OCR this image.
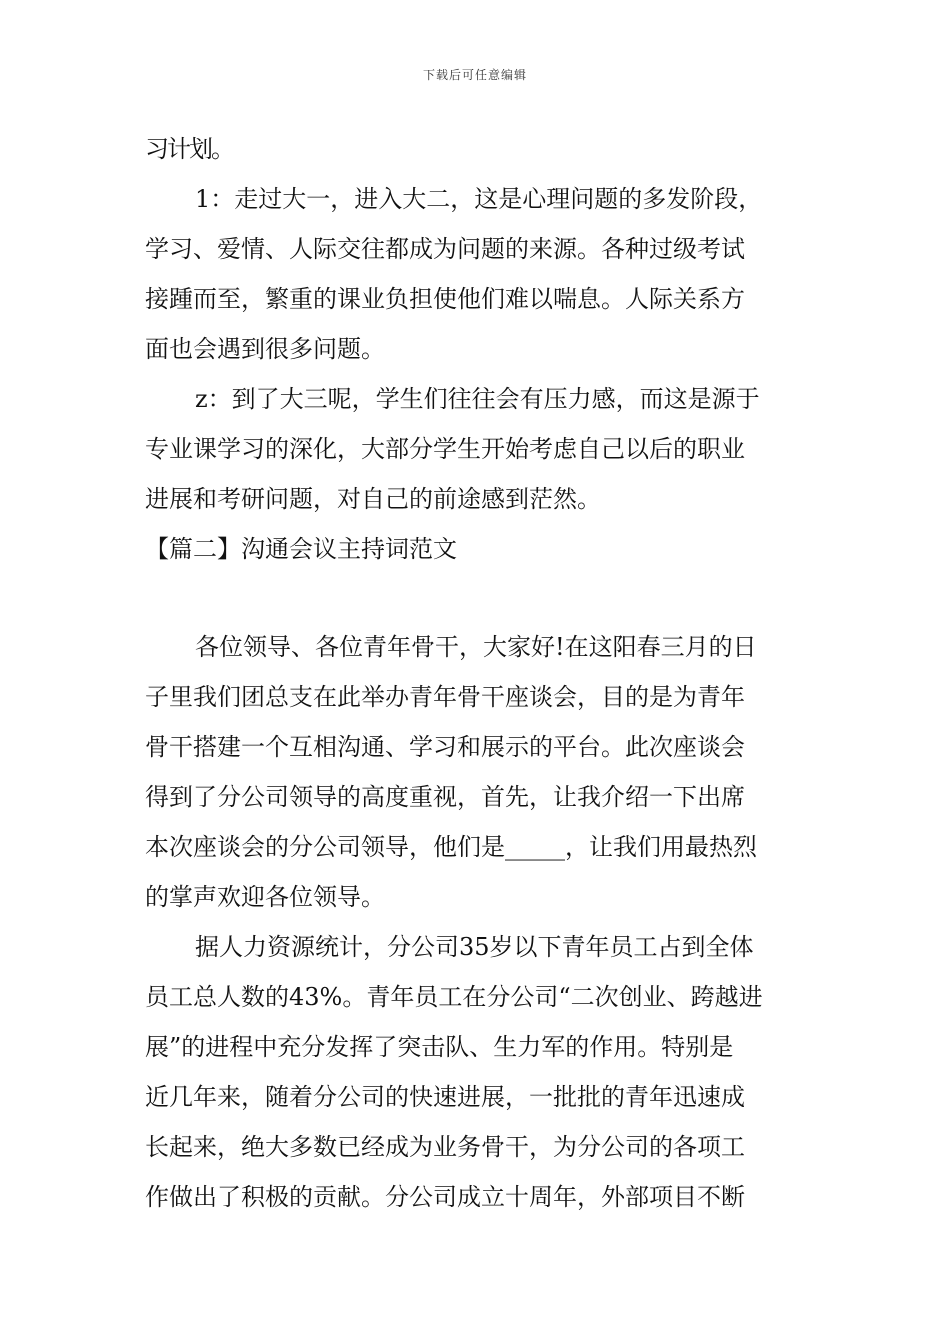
下载后可任意编辑
习计划。
1：走过大一，进入大二，这是心理问题的多发阶段，
学习、爱情、人际交往都成为问题的来源。各种过级考试
接踵而至，繁重的课业负担使他们难以喘息。人际关系方
面也会遇到很多问题。
z：到了大三呢，学生们往往会有压力感，而这是源于
专业课学习的深化，大部分学生开始考虑自己以后的职业
进展和考研问题，对自己的前途感到茫然。
【篇二】沟通会议主持词范文
各位领导、各位青年骨干，大家好!在这阳春三月的日
子里我们团总支在此举办青年骨干座谈会，目的是为青年
骨干搭建一个互相沟通、学习和展示的平台。此次座谈会
得到了分公司领导的高度重视，首先，让我介绍一下出席
本次座谈会的分公司领导，他们是_____，让我们用最热烈
的掌声欢迎各位领导。
据人力资源统计，分公司35岁以下青年员工占到全体
员工总人数的43%。青年员工在分公司“二次创业、跨越进
展”的进程中充分发挥了突击队、生力军的作用。特别是
近几年来，随着分公司的快速进展，一批批的青年迅速成
长起来，绝大多数已经成为业务骨干，为分公司的各项工
作做出了积极的贡献。分公司成立十周年，外部项目不断
